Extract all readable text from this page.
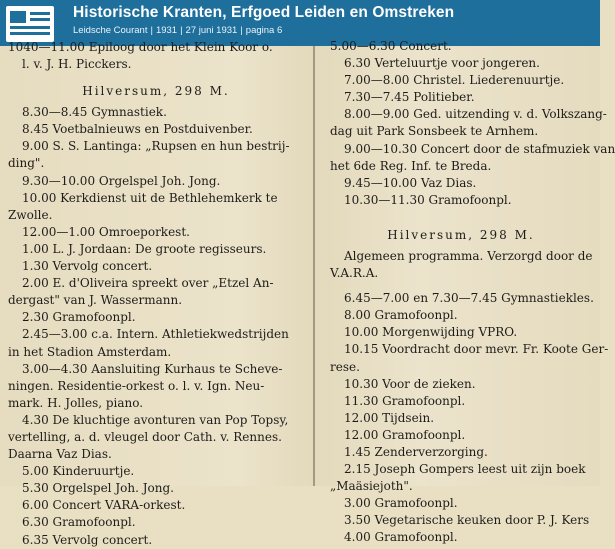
Historische Kranten, Erfgoed Leiden en Omstreken
Leidsche Courant | 1931 | 27 juni 1931 | pagina 6
1040—11.00 Epiloog door het Klein Koor o.
l. v. J. H. Picckers.
Hilversum, 298 M.
8.30—8.45 Gymnastiek.
8.45 Voetbalnieuws en Postduivenber.
9.00 S. S. Lantinga: „Rupsen en hun bestrij-
ding".
9.30—10.00 Orgelspel Joh. Jong.
10.00 Kerkdienst uit de Bethlehemkerk te
Zwolle.
12.00—1.00 Omroeporkest.
1.00 L. J. Jordaan: De groote regisseurs.
1.30 Vervolg concert.
2.00 E. d'Oliveira spreekt over „Etzel An-
dergast" van J. Wassermann.
2.30 Gramofoonpl.
2.45—3.00 c.a. Intern. Athletiekwedstrijden
in het Stadion Amsterdam.
3.00—4.30 Aansluiting Kurhaus te Scheve-
ningen. Residentie-orkest o. l. v. Ign. Neu-
mark. H. Jolles, piano.
4.30 De kluchtige avonturen van Pop Topsy,
vertelling, a. d. vleugel door Cath. v. Rennes.
Daarna Vaz Dias.
5.00 Kinderuurtje.
5.30 Orgelspel Joh. Jong.
6.00 Concert VARA-orkest.
6.30 Gramofoonpl.
6.35 Vervolg concert.
5.00—6.30 Concert.
6.30 Verteluurtje voor jongeren.
7.00—8.00 Christel. Liederenuurtje.
7.30—7.45 Politieber.
8.00—9.00 Ged. uitzending v. d. Volkszang-
dag uit Park Sonsbeek te Arnhem.
9.00—10.30 Concert door de stafmuziek van
het 6de Reg. Inf. te Breda.
9.45—10.00 Vaz Dias.
10.30—11.30 Gramofoonpl.
Hilversum, 298 M.
Algemeen programma. Verzorgd door de
V.A.R.A.
6.45—7.00 en 7.30—7.45 Gymnastiekles.
8.00 Gramofoonpl.
10.00 Morgenwijding VPRO.
10.15 Voordracht door mevr. Fr. Koote Ger-
rese.
10.30 Voor de zieken.
11.30 Gramofoonpl.
12.00 Tijdsein.
12.00 Gramofoonpl.
1.45 Zenderverzorging.
2.15 Joseph Gompers leest uit zijn boek
„Maäsiejoth".
3.00 Gramofoonpl.
3.50 Vegetarische keuken door P. J. Kers
4.00 Gramofoonpl.
